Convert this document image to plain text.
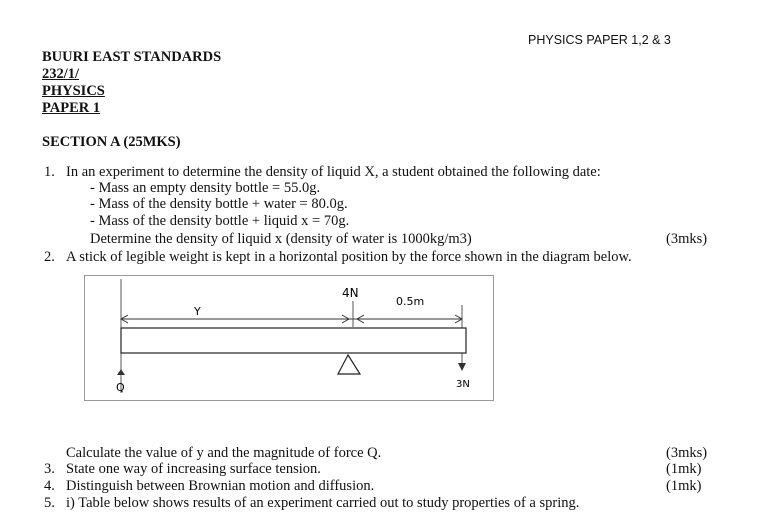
PHYSICS PAPER 1,2 & 3
BUURI EAST STANDARDS
232/1/
PHYSICS
PAPER 1
SECTION A (25MKS)
1. In an experiment to determine the density of liquid X, a student obtained the following date:
- Mass an empty density bottle = 55.0g.
- Mass of the density bottle + water = 80.0g.
- Mass of the density bottle + liquid x = 70g.
Determine the density of liquid x (density of water is 1000kg/m3)	(3mks)
2. A stick of legible weight is kept in a horizontal position by the force shown in the diagram below.
Y
4N
0.5m
Q	3N
Calculate the value of y and the magnitude of force Q.	(3mks)
3. State one way of increasing surface tension.	(1mk)
4. Distinguish between Brownian motion and diffusion.	(1mk)
5. i) Table below shows results of an experiment carried out to study properties of a spring.
